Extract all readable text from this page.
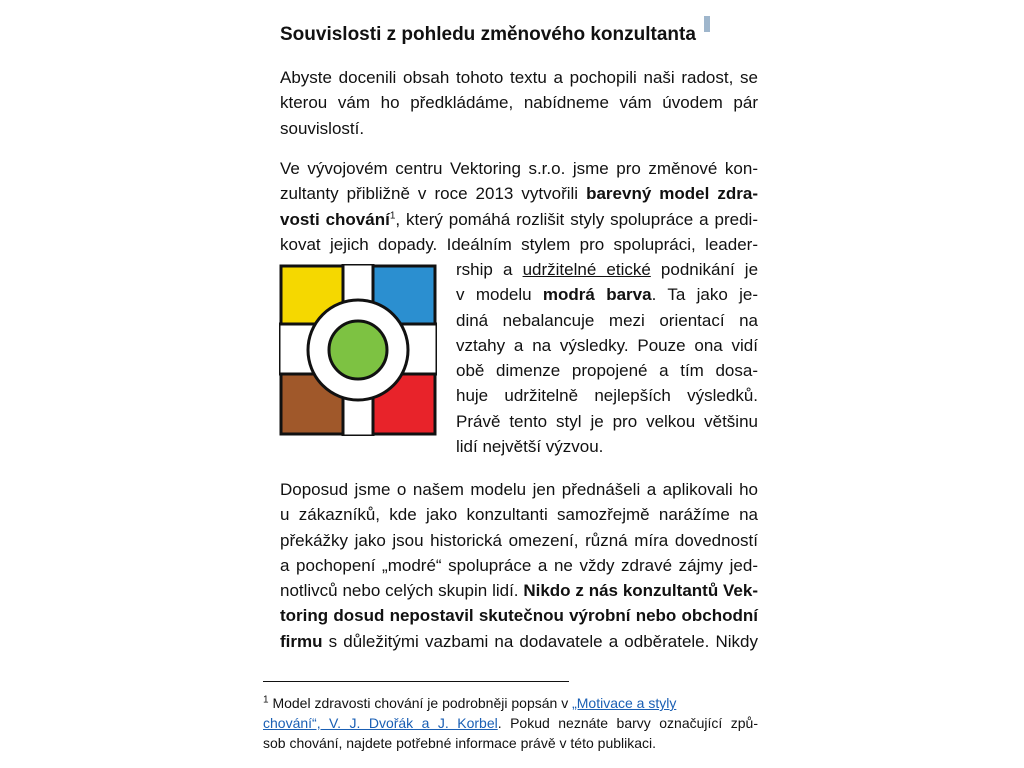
Souvislosti z pohledu změnového konzultanta
Abyste docenili obsah tohoto textu a pochopili naši radost, se
kterou vám ho předkládáme, nabídneme vám úvodem pár
souvislostí.
Ve vývojovém centru Vektoring s.r.o. jsme pro změnové kon-
zultanty přibližně v roce 2013 vytvořili barevný model zdra-
vosti chování$^1$, který pomáhá rozlišit styly spolupráce a predi-
kovat jejich dopady. Ideálním stylem pro spolupráci, leader-
rship a udržitelné etické podnikání je
v modelu modrá barva. Ta jako je-
diná nebalancuje mezi orientací na
vztahy a na výsledky. Pouze ona vidí
obě dimenze propojené a tím dosa-
huje udržitelně nejlepších výsledků.
Právě tento styl je pro velkou většinu
lidí největší výzvou.
Doposud jsme o našem modelu jen přednášeli a aplikovali ho
u zákazníků, kde jako konzultanti samozřejmě narážíme na
překážky jako jsou historická omezení, různá míra dovedností
a pochopení „modré“ spolupráce a ne vždy zdravé zájmy jed-
notlivců nebo celých skupin lidí. Nikdo z nás konzultantů Vek-
toring dosud nepostavil skutečnou výrobní nebo obchodní
firmu s důležitými vazbami na dodavatele a odběratele. Nikdy
$^1$ Model zdravosti chování je podrobněji popsán v „Motivace a styly
chování“, V. J. Dvořák a J. Korbel. Pokud neznáte barvy označující způ-
sob chování, najdete potřebné informace právě v této publikaci.
